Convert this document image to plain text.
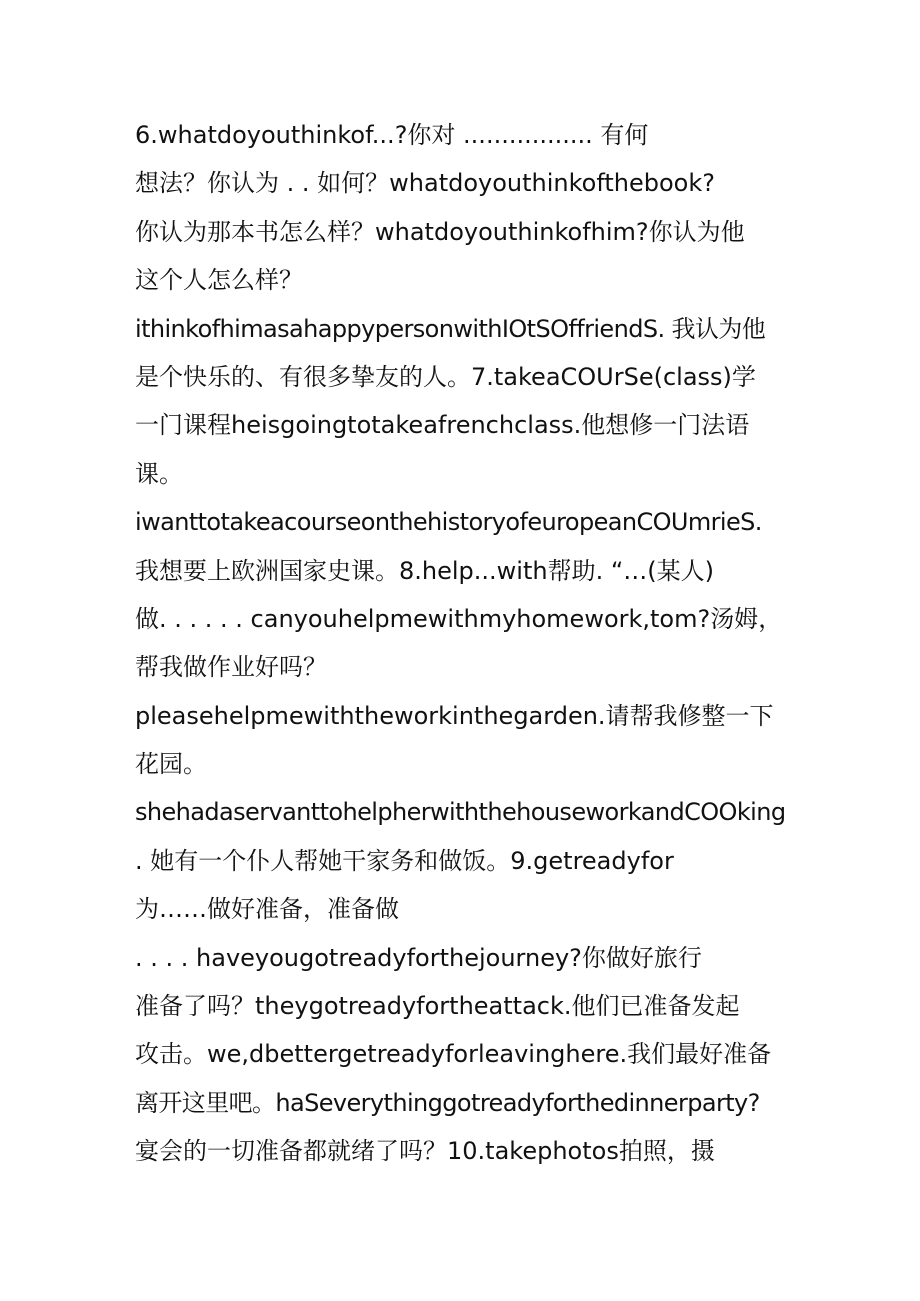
6.whatdoyouthinkof...?你对 ................. 有何
想法？你认为 . . 如何？whatdoyouthinkofthebook?
你认为那本书怎么样？whatdoyouthinkofhim?你认为他
这个人怎么样？
ithinkofhimasahappypersonwithIOtSOffriendS. 我认为他
是个快乐的、有很多挚友的人。7.takeaCOUrSe(class)学
一门课程heisgoingtotakeafrenchclass.他想修一门法语
课。
iwanttotakeacourseonthehistoryofeuropeanCOUmrieS.
我想要上欧洲国家史课。8.help...with帮助. “…(某人)
做. . . . . . canyouhelpmewithmyhomework,tom?汤姆，
帮我做作业好吗？
pleasehelpmewiththeworkinthegarden.请帮我修整一下
花园。
shehadaservanttohelpherwiththehouseworkandCOOking
. 她有一个仆人帮她干家务和做饭。9.getreadyfor
为……做好准备，准备做
. . . . haveyougotreadyforthejourney?你做好旅行
准备了吗？theygotreadyfortheattack.他们已准备发起
攻击。we,dbettergetreadyforleavinghere.我们最好准备
离开这里吧。haSeverythinggotreadyforthedinnerparty?
宴会的一切准备都就绪了吗？10.takephotos拍照，摄
